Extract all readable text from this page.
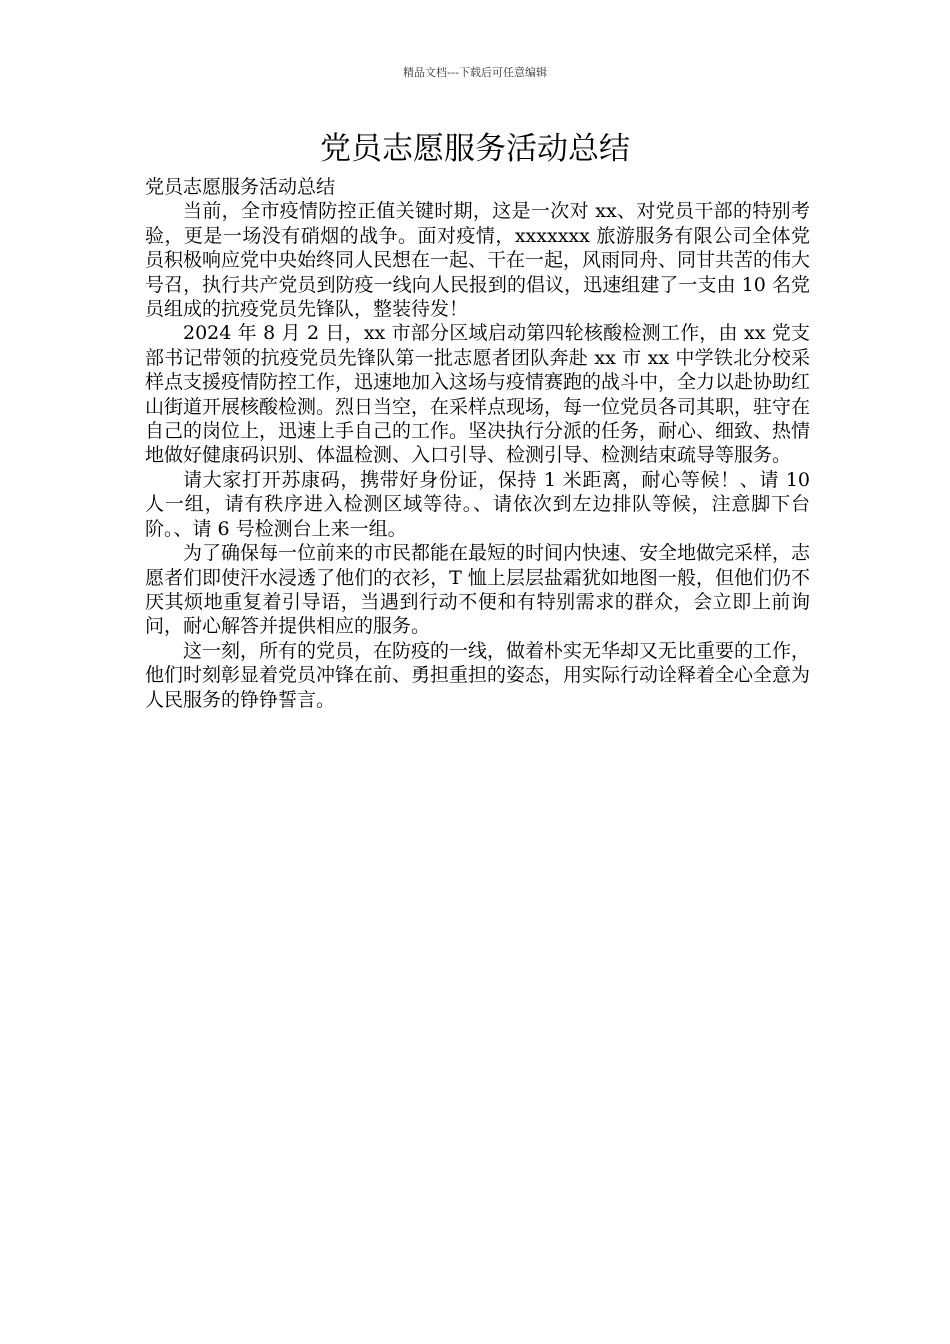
精品文档---下载后可任意编辑
党员志愿服务活动总结

党员志愿服务活动总结

当前，全市疫情防控正值关键时期，这是一次对 xx、对党员干部的特别考验，更是一场没有硝烟的战争。面对疫情，xxxxxxx 旅游服务有限公司全体党员积极响应党中央始终同人民想在一起、干在一起，风雨同舟、同甘共苦的伟大号召，执行共产党员到防疫一线向人民报到的倡议，迅速组建了一支由 10 名党员组成的抗疫党员先锋队，整装待发！

2024 年 8 月 2 日，xx 市部分区域启动第四轮核酸检测工作，由 xx 党支部书记带领的抗疫党员先锋队第一批志愿者团队奔赴 xx 市 xx 中学铁北分校采样点支援疫情防控工作，迅速地加入这场与疫情赛跑的战斗中，全力以赴协助红山街道开展核酸检测。烈日当空，在采样点现场，每一位党员各司其职，驻守在自己的岗位上，迅速上手自己的工作。坚决执行分派的任务，耐心、细致、热情地做好健康码识别、体温检测、入口引导、检测引导、检测结束疏导等服务。

请大家打开苏康码，携带好身份证，保持 1 米距离，耐心等候！、请 10 人一组，请有秩序进入检测区域等待。、请依次到左边排队等候，注意脚下台阶。、请 6 号检测台上来一组。

为了确保每一位前来的市民都能在最短的时间内快速、安全地做完采样，志愿者们即使汗水浸透了他们的衣衫，T 恤上层层盐霜犹如地图一般，但他们仍不厌其烦地重复着引导语，当遇到行动不便和有特别需求的群众，会立即上前询问，耐心解答并提供相应的服务。

这一刻，所有的党员，在防疫的一线，做着朴实无华却又无比重要的工作，他们时刻彰显着党员冲锋在前、勇担重担的姿态，用实际行动诠释着全心全意为人民服务的铮铮誓言。
